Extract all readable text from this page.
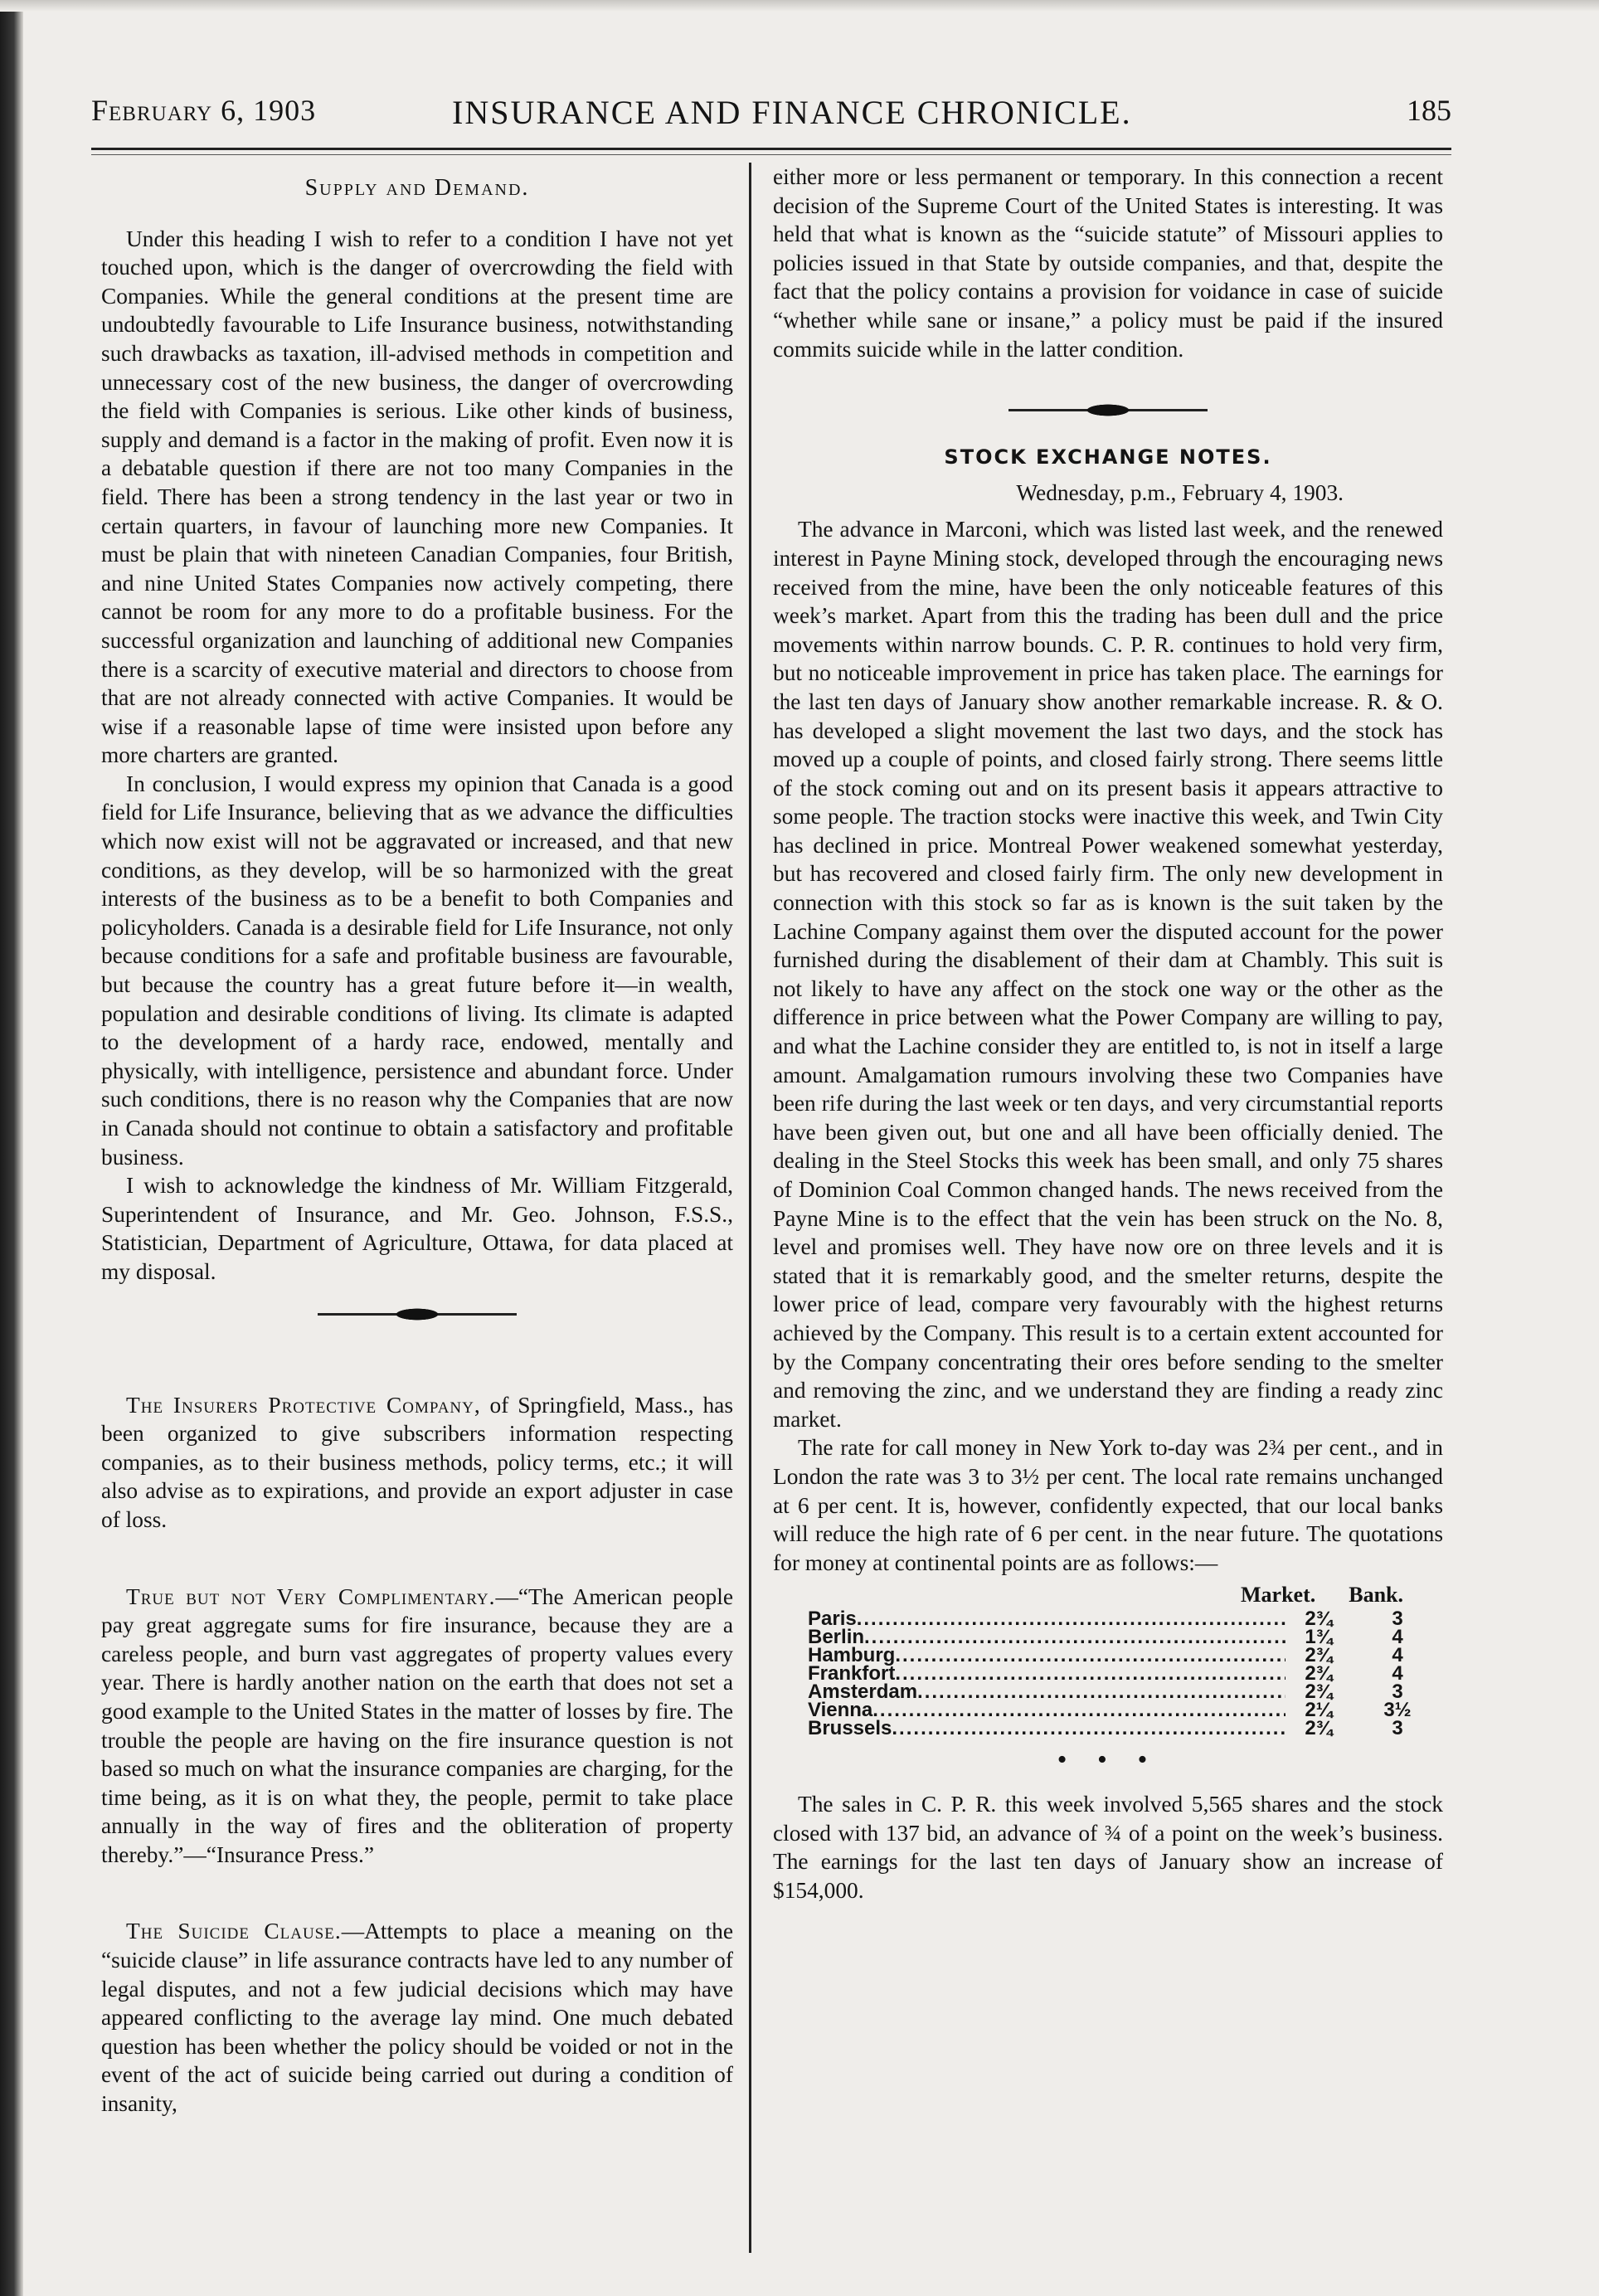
February 6, 1903	INSURANCE AND FINANCE CHRONICLE.	185

Supply and Demand.

Under this heading I wish to refer to a condition I have not yet touched upon, which is the danger of overcrowding the field with Companies. While the general conditions at the present time are undoubtedly favourable to Life Insurance business, notwithstanding such drawbacks as taxation, ill-advised methods in competition and unnecessary cost of the new business, the danger of overcrowding the field with Companies is serious. Like other kinds of business, supply and demand is a factor in the making of profit. Even now it is a debatable question if there are not too many Companies in the field. There has been a strong tendency in the last year or two in certain quarters, in favour of launching more new Companies. It must be plain that with nineteen Canadian Companies, four British, and nine United States Companies now actively competing, there cannot be room for any more to do a profitable business. For the successful organization and launching of additional new Companies there is a scarcity of executive material and directors to choose from that are not already connected with active Companies. It would be wise if a reasonable lapse of time were insisted upon before any more charters are granted.

In conclusion, I would express my opinion that Canada is a good field for Life Insurance, believing that as we advance the difficulties which now exist will not be aggravated or increased, and that new conditions, as they develop, will be so harmonized with the great interests of the business as to be a benefit to both Companies and policyholders. Canada is a desirable field for Life Insurance, not only because conditions for a safe and profitable business are favourable, but because the country has a great future before it—in wealth, population and desirable conditions of living. Its climate is adapted to the development of a hardy race, endowed, mentally and physically, with intelligence, persistence and abundant force. Under such conditions, there is no reason why the Companies that are now in Canada should not continue to obtain a satisfactory and profitable business.

I wish to acknowledge the kindness of Mr. William Fitzgerald, Superintendent of Insurance, and Mr. Geo. Johnson, F.S.S., Statistician, Department of Agriculture, Ottawa, for data placed at my disposal.

The Insurers Protective Company, of Springfield, Mass., has been organized to give subscribers information respecting companies, as to their business methods, policy terms, etc.; it will also advise as to expirations, and provide an export adjuster in case of loss.

True but not Very Complimentary.—“The American people pay great aggregate sums for fire insurance, because they are a careless people, and burn vast aggregates of property values every year. There is hardly another nation on the earth that does not set a good example to the United States in the matter of losses by fire. The trouble the people are having on the fire insurance question is not based so much on what the insurance companies are charging, for the time being, as it is on what they, the people, permit to take place annually in the way of fires and the obliteration of property thereby.”—“Insurance Press.”

The Suicide Clause.—Attempts to place a meaning on the “suicide clause” in life assurance contracts have led to any number of legal disputes, and not a few judicial decisions which may have appeared conflicting to the average lay mind. One much debated question has been whether the policy should be voided or not in the event of the act of suicide being carried out during a condition of insanity,

either more or less permanent or temporary. In this connection a recent decision of the Supreme Court of the United States is interesting. It was held that what is known as the “suicide statute” of Missouri applies to policies issued in that State by outside companies, and that, despite the fact that the policy contains a provision for voidance in case of suicide “whether while sane or insane,” a policy must be paid if the insured commits suicide while in the latter condition.

STOCK EXCHANGE NOTES.

Wednesday, p.m., February 4, 1903.

The advance in Marconi, which was listed last week, and the renewed interest in Payne Mining stock, developed through the encouraging news received from the mine, have been the only noticeable features of this week’s market. Apart from this the trading has been dull and the price movements within narrow bounds. C. P. R. continues to hold very firm, but no noticeable improvement in price has taken place. The earnings for the last ten days of January show another remarkable increase. R. & O. has developed a slight movement the last two days, and the stock has moved up a couple of points, and closed fairly strong. There seems little of the stock coming out and on its present basis it appears attractive to some people. The traction stocks were inactive this week, and Twin City has declined in price. Montreal Power weakened somewhat yesterday, but has recovered and closed fairly firm. The only new development in connection with this stock so far as is known is the suit taken by the Lachine Company against them over the disputed account for the power furnished during the disablement of their dam at Chambly. This suit is not likely to have any affect on the stock one way or the other as the difference in price between what the Power Company are willing to pay, and what the Lachine consider they are entitled to, is not in itself a large amount. Amalgamation rumours involving these two Companies have been rife during the last week or ten days, and very circumstantial reports have been given out, but one and all have been officially denied. The dealing in the Steel Stocks this week has been small, and only 75 shares of Dominion Coal Common changed hands. The news received from the Payne Mine is to the effect that the vein has been struck on the No. 8, level and promises well. They have now ore on three levels and it is stated that it is remarkably good, and the smelter returns, despite the lower price of lead, compare very favourably with the highest returns achieved by the Company. This result is to a certain extent accounted for by the Company concentrating their ores before sending to the smelter and removing the zinc, and we understand they are finding a ready zinc market.

The rate for call money in New York to-day was 2¾ per cent., and in London the rate was 3 to 3½ per cent. The local rate remains unchanged at 6 per cent. It is, however, confidently expected, that our local banks will reduce the high rate of 6 per cent. in the near future. The quotations for money at continental points are as follows:—

Market. Bank.
Paris .....	2¾	3
Berlin .....	1¾	4
Hamburg .....	2¾	4
Frankfort .....	2¾	4
Amsterdam .....	2¾	3
Vienna .....	2¼	3½
Brussels .....	2¾	3

• • •

The sales in C. P. R. this week involved 5,565 shares and the stock closed with 137 bid, an advance of ¾ of a point on the week’s business. The earnings for the last ten days of January show an increase of $154,000.
